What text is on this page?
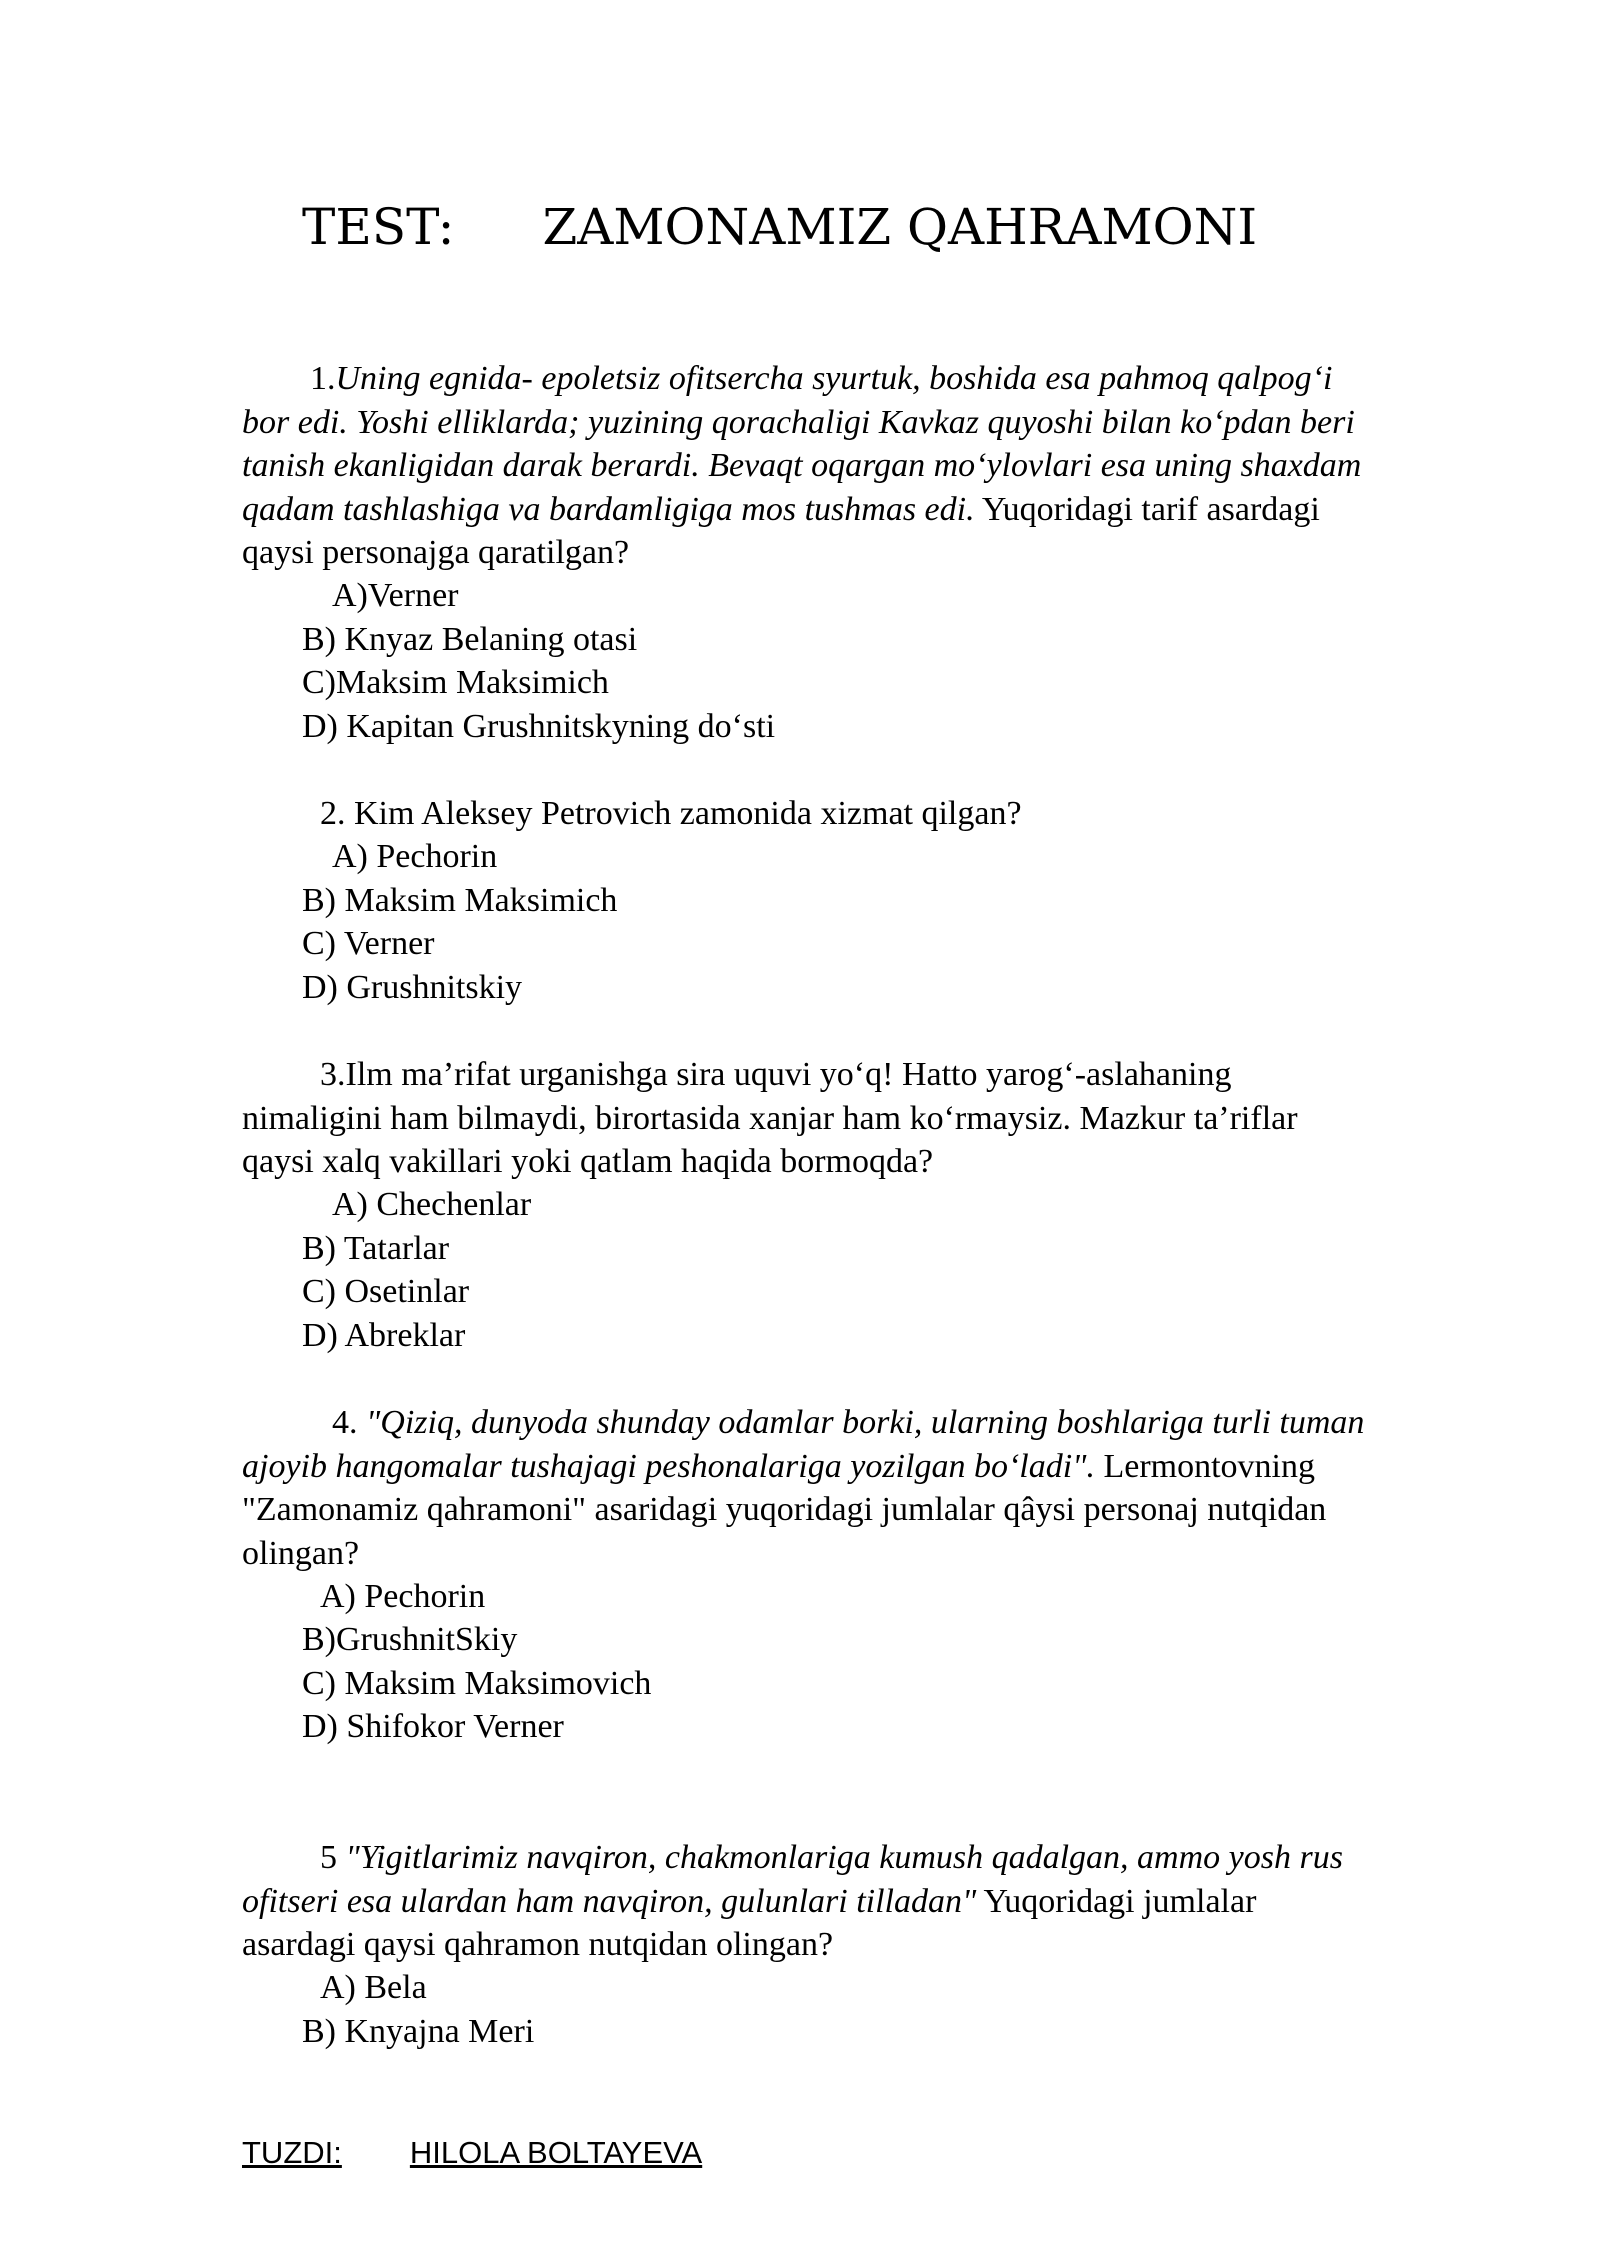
TEST: ZAMONAMIZ QAHRAMONI

1.Uning egnida- epoletsiz ofitsercha syurtuk, boshida esa pahmoq qalpog‘i bor edi. Yoshi elliklarda; yuzining qorachaligi Kavkaz quyoshi bilan ko‘pdan beri tanish ekanligidan darak berardi. Bevaqt oqargan mo‘ylovlari esa uning shaxdam qadam tashlashiga va bardamligiga mos tushmas edi. Yuqoridagi tarif asardagi qaysi personajga qaratilgan?

A)Verner
B) Knyaz Belaning otasi
C)Maksim Maksimich
D) Kapitan Grushnitskyning do‘sti
2. Kim Aleksey Petrovich zamonida xizmat qilgan?
A) Pechorin
B) Maksim Maksimich
C) Verner
D) Grushnitskiy

3.Ilm ma’rifat urganishga sira uquvi yo‘q! Hatto yarog‘-aslahaning nimaligini ham bilmaydi, birortasida xanjar ham ko‘rmaysiz. Mazkur ta’riflar qaysi xalq vakillari yoki qatlam haqida bormoqda?

A) Chechenlar
B) Tatarlar
C) Osetinlar
D) Abreklar

4. "Qiziq, dunyoda shunday odamlar borki, ularning boshlariga turli tuman ajoyib hangomalar tushajagi peshonalariga yozilgan bo‘ladi". Lermontovning "Zamonamiz qahramoni" asaridagi yuqoridagi jumlalar qâysi personaj nutqidan olingan?

A) Pechorin
B)GrushnitSkiy
C) Maksim Maksimovich
D) Shifokor Verner

5 "Yigitlarimiz navqiron, chakmonlariga kumush qadalgan, ammo yosh rus ofitseri esa ulardan ham navqiron, gulunlari tilladan" Yuqoridagi jumlalar asardagi qaysi qahramon nutqidan olingan?

A) Bela
B) Knyajna Meri
TUZDI: HILOLA BOLTAYEVA
